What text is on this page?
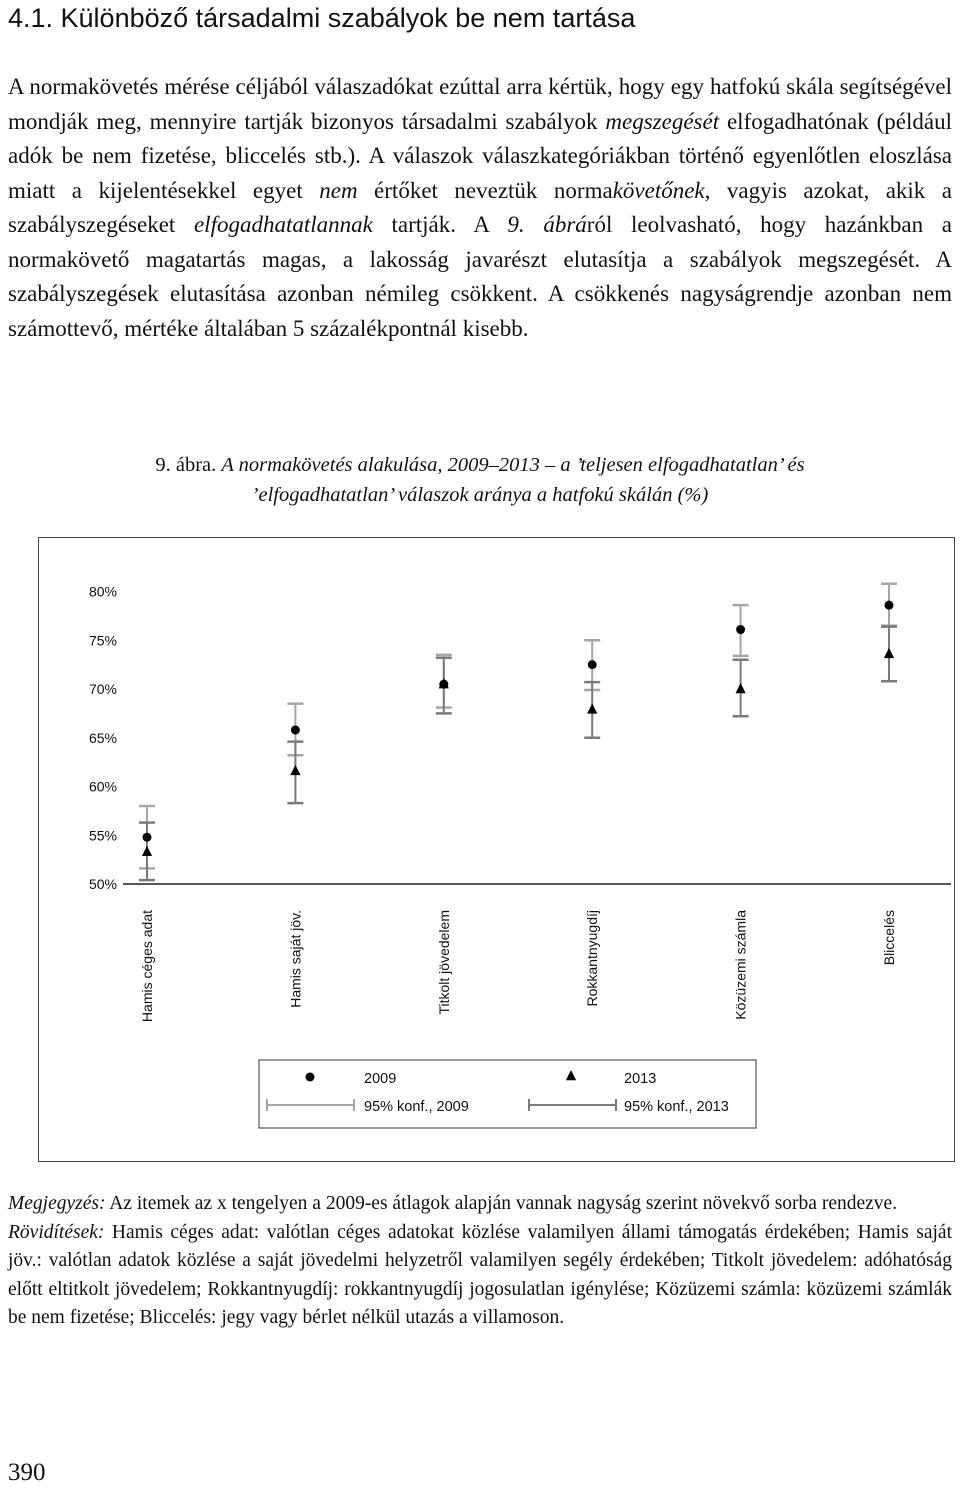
4.1. Különböző társadalmi szabályok be nem tartása

A normakövetés mérése céljából válaszadókat ezúttal arra kértük, hogy egy hatfokú skála segítségével mondják meg, mennyire tartják bizonyos társadalmi szabályok megszegését elfogadhatónak (például adók be nem fizetése, bliccelés stb.). A válaszok válaszkategóriákban történő egyenlőtlen eloszlása miatt a kijelentésekkel egyet nem értőket neveztük normakövetőnek, vagyis azokat, akik a szabályszegéseket elfogadhatatlannak tartják. A 9. ábráról leolvasható, hogy hazánkban a normakövető magatartás magas, a lakosság javarészt elutasítja a szabályok megszegését. A szabályszegések elutasítása azonban némileg csökkent. A csökkenés nagyságrendje azonban nem számottevő, mértéke általában 5 százalékpontnál kisebb.

9. ábra. A normakövetés alakulása, 2009–2013 – a ’teljesen elfogadhatatlan’ és
’elfogadhatatlan’ válaszok aránya a hatfokú skálán (%)
50%
55%
60%
65%
70%
75%
80%
Hamis céges adat	Hamis saját jöv.	Titkolt jövedelem	Rokkantnyugdíj	Közüzemi számla	Bliccelés
2009	2013
95% konf., 2009	95% konf., 2013

Megjegyzés: Az itemek az x tengelyen a 2009-es átlagok alapján vannak nagyság szerint növekvő sorba rendezve.

Rövidítések: Hamis céges adat: valótlan céges adatokat közlése valamilyen állami támogatás érdekében; Hamis saját jöv.: valótlan adatok közlése a saját jövedelmi helyzetről valamilyen segély érdekében; Titkolt jövedelem: adóhatóság előtt eltitkolt jövedelem; Rokkantnyugdíj: rokkantnyugdíj jogosulatlan igénylése; Közüzemi számla: közüzemi számlák be nem fizetése; Bliccelés: jegy vagy bérlet nélkül utazás a villamoson.

390
